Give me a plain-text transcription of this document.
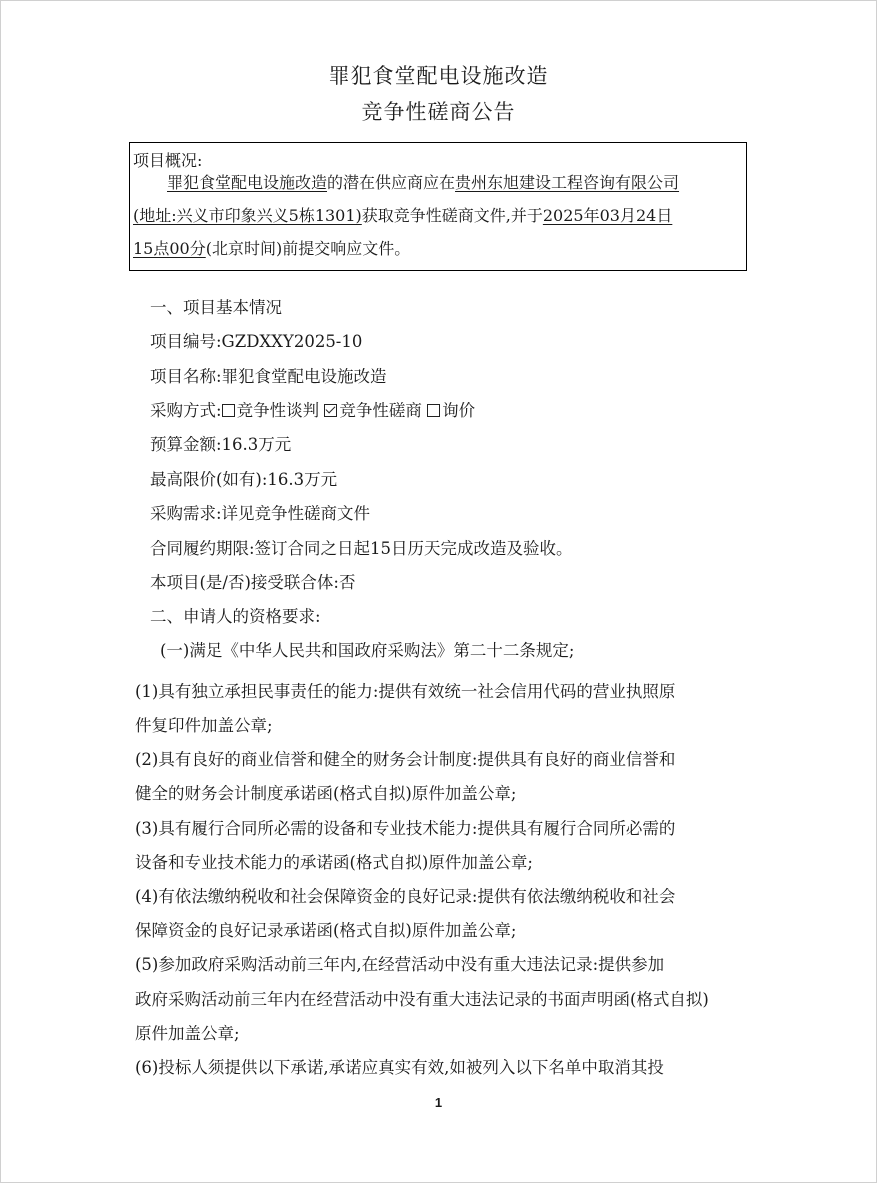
罪犯食堂配电设施改造
竞争性磋商公告
项目概况:
罪犯食堂配电设施改造的潜在供应商应在贵州东旭建设工程咨询有限公司
(地址:兴义市印象兴义5栋1301)获取竞争性磋商文件,并于2025年03月24日
15点00分(北京时间)前提交响应文件。
一、项目基本情况
项目编号:GZDXXY2025-10
项目名称:罪犯食堂配电设施改造
采购方式: 竞争性谈判 竞争性磋商 询价
预算金额:16.3万元
最高限价(如有):16.3万元
采购需求:详见竞争性磋商文件
合同履约期限:签订合同之日起15日历天完成改造及验收。
本项目(是/否)接受联合体:否
二、申请人的资格要求:
(一)满足《中华人民共和国政府采购法》第二十二条规定;
(1)具有独立承担民事责任的能力:提供有效统一社会信用代码的营业执照原
件复印件加盖公章;
(2)具有良好的商业信誉和健全的财务会计制度:提供具有良好的商业信誉和
健全的财务会计制度承诺函(格式自拟)原件加盖公章;
(3)具有履行合同所必需的设备和专业技术能力:提供具有履行合同所必需的
设备和专业技术能力的承诺函(格式自拟)原件加盖公章;
(4)有依法缴纳税收和社会保障资金的良好记录:提供有依法缴纳税收和社会
保障资金的良好记录承诺函(格式自拟)原件加盖公章;
(5)参加政府采购活动前三年内,在经营活动中没有重大违法记录:提供参加
政府采购活动前三年内在经营活动中没有重大违法记录的书面声明函(格式自拟)
原件加盖公章;
(6)投标人须提供以下承诺,承诺应真实有效,如被列入以下名单中取消其投
1
